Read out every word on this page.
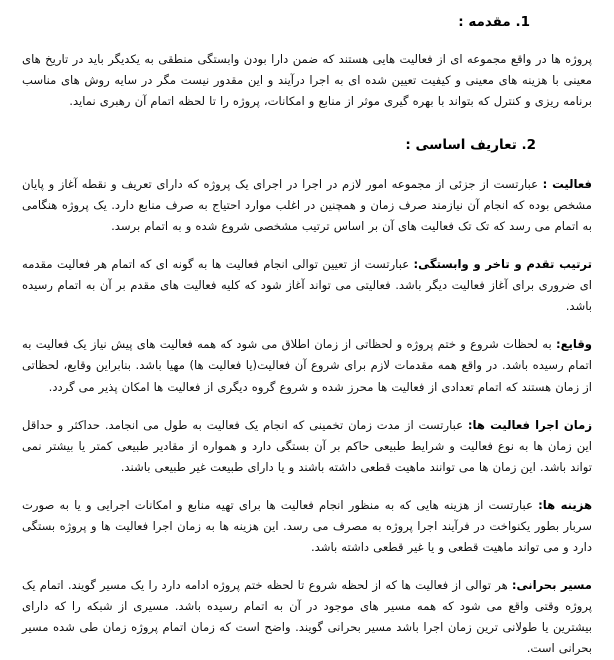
1. مقدمه :

پروژه ها در واقع مجموعه ای از فعالیت هایی هستند که ضمن دارا بودن وابستگی منطقی به یکدیگر باید در تاریخ های معینی با هزینه های معینی و کیفیت تعیین شده ای به اجرا درآیند و این مقدور نیست مگر در سایه روش های مناسب برنامه ریزی و کنترل که بتواند با بهره گیری موثر از منابع و امکانات، پروژه را تا لحظه اتمام آن رهبری نماید.

2. تعاریف اساسی :

فعالیت : عبارتست از جزئی از مجموعه امور لازم در اجرا در اجرای یک پروژه که دارای تعریف و نقطه آغاز و پایان مشخص بوده که انجام آن نیازمند صرف زمان و همچنین در اغلب موارد احتیاج به صرف منابع دارد. یک پروژه هنگامی به اتمام می رسد که تک تک فعالیت های آن بر اساس ترتیب مشخصی شروع شده و به اتمام برسد.

ترتیب تقدم و تاخر و وابستگی: عبارتست از تعیین توالی انجام فعالیت ها به گونه ای که اتمام هر فعالیت مقدمه ای ضروری برای آغاز فعالیت دیگر باشد. فعالیتی می تواند آغاز شود که کلیه فعالیت های مقدم بر آن به اتمام رسیده باشد.

وقایع: به لحظات شروع و ختم پروژه و لحظاتی از زمان اطلاق می شود که همه فعالیت های پیش نیاز یک فعالیت به اتمام رسیده باشد. در واقع همه مقدمات لازم برای شروع آن فعالیت(یا فعالیت ها) مهیا باشد. بنابراین وقایع، لحظاتی از زمان هستند که اتمام تعدادی از فعالیت ها محرز شده و شروع گروه دیگری از فعالیت ها امکان پذیر می گردد.

زمان اجرا فعالیت ها: عبارتست از مدت زمان تخمینی که انجام یک فعالیت به طول می انجامد. حداکثر و حداقل این زمان ها به نوع فعالیت و شرایط طبیعی حاکم بر آن بستگی دارد و همواره از مقادیر طبیعی کمتر یا بیشتر نمی تواند باشد. این زمان ها می توانند ماهیت قطعی داشته باشند و یا دارای طبیعت غیر طبیعی باشند.

هزینه ها: عبارتست از هزینه هایی که به منظور انجام فعالیت ها برای تهیه منابع و امکانات اجرایی و یا به صورت سربار بطور یکنواخت در فرآیند اجرا پروژه به مصرف می رسد. این هزینه ها به زمان اجرا فعالیت ها و پروژه بستگی دارد و می تواند ماهیت قطعی و یا غیر قطعی داشته باشد.

مسیر بحرانی: هر توالی از فعالیت ها که از لحظه شروع تا لحظه ختم پروژه ادامه دارد را یک مسیر گویند. اتمام یک پروژه وقتی واقع می شود که همه مسیر های موجود در آن به اتمام رسیده باشد. مسیری از شبکه را که دارای بیشترین یا طولانی ترین زمان اجرا باشد مسیر بحرانی گویند. واضح است که زمان اتمام پروژه زمان طی شده مسیر بحرانی است.
